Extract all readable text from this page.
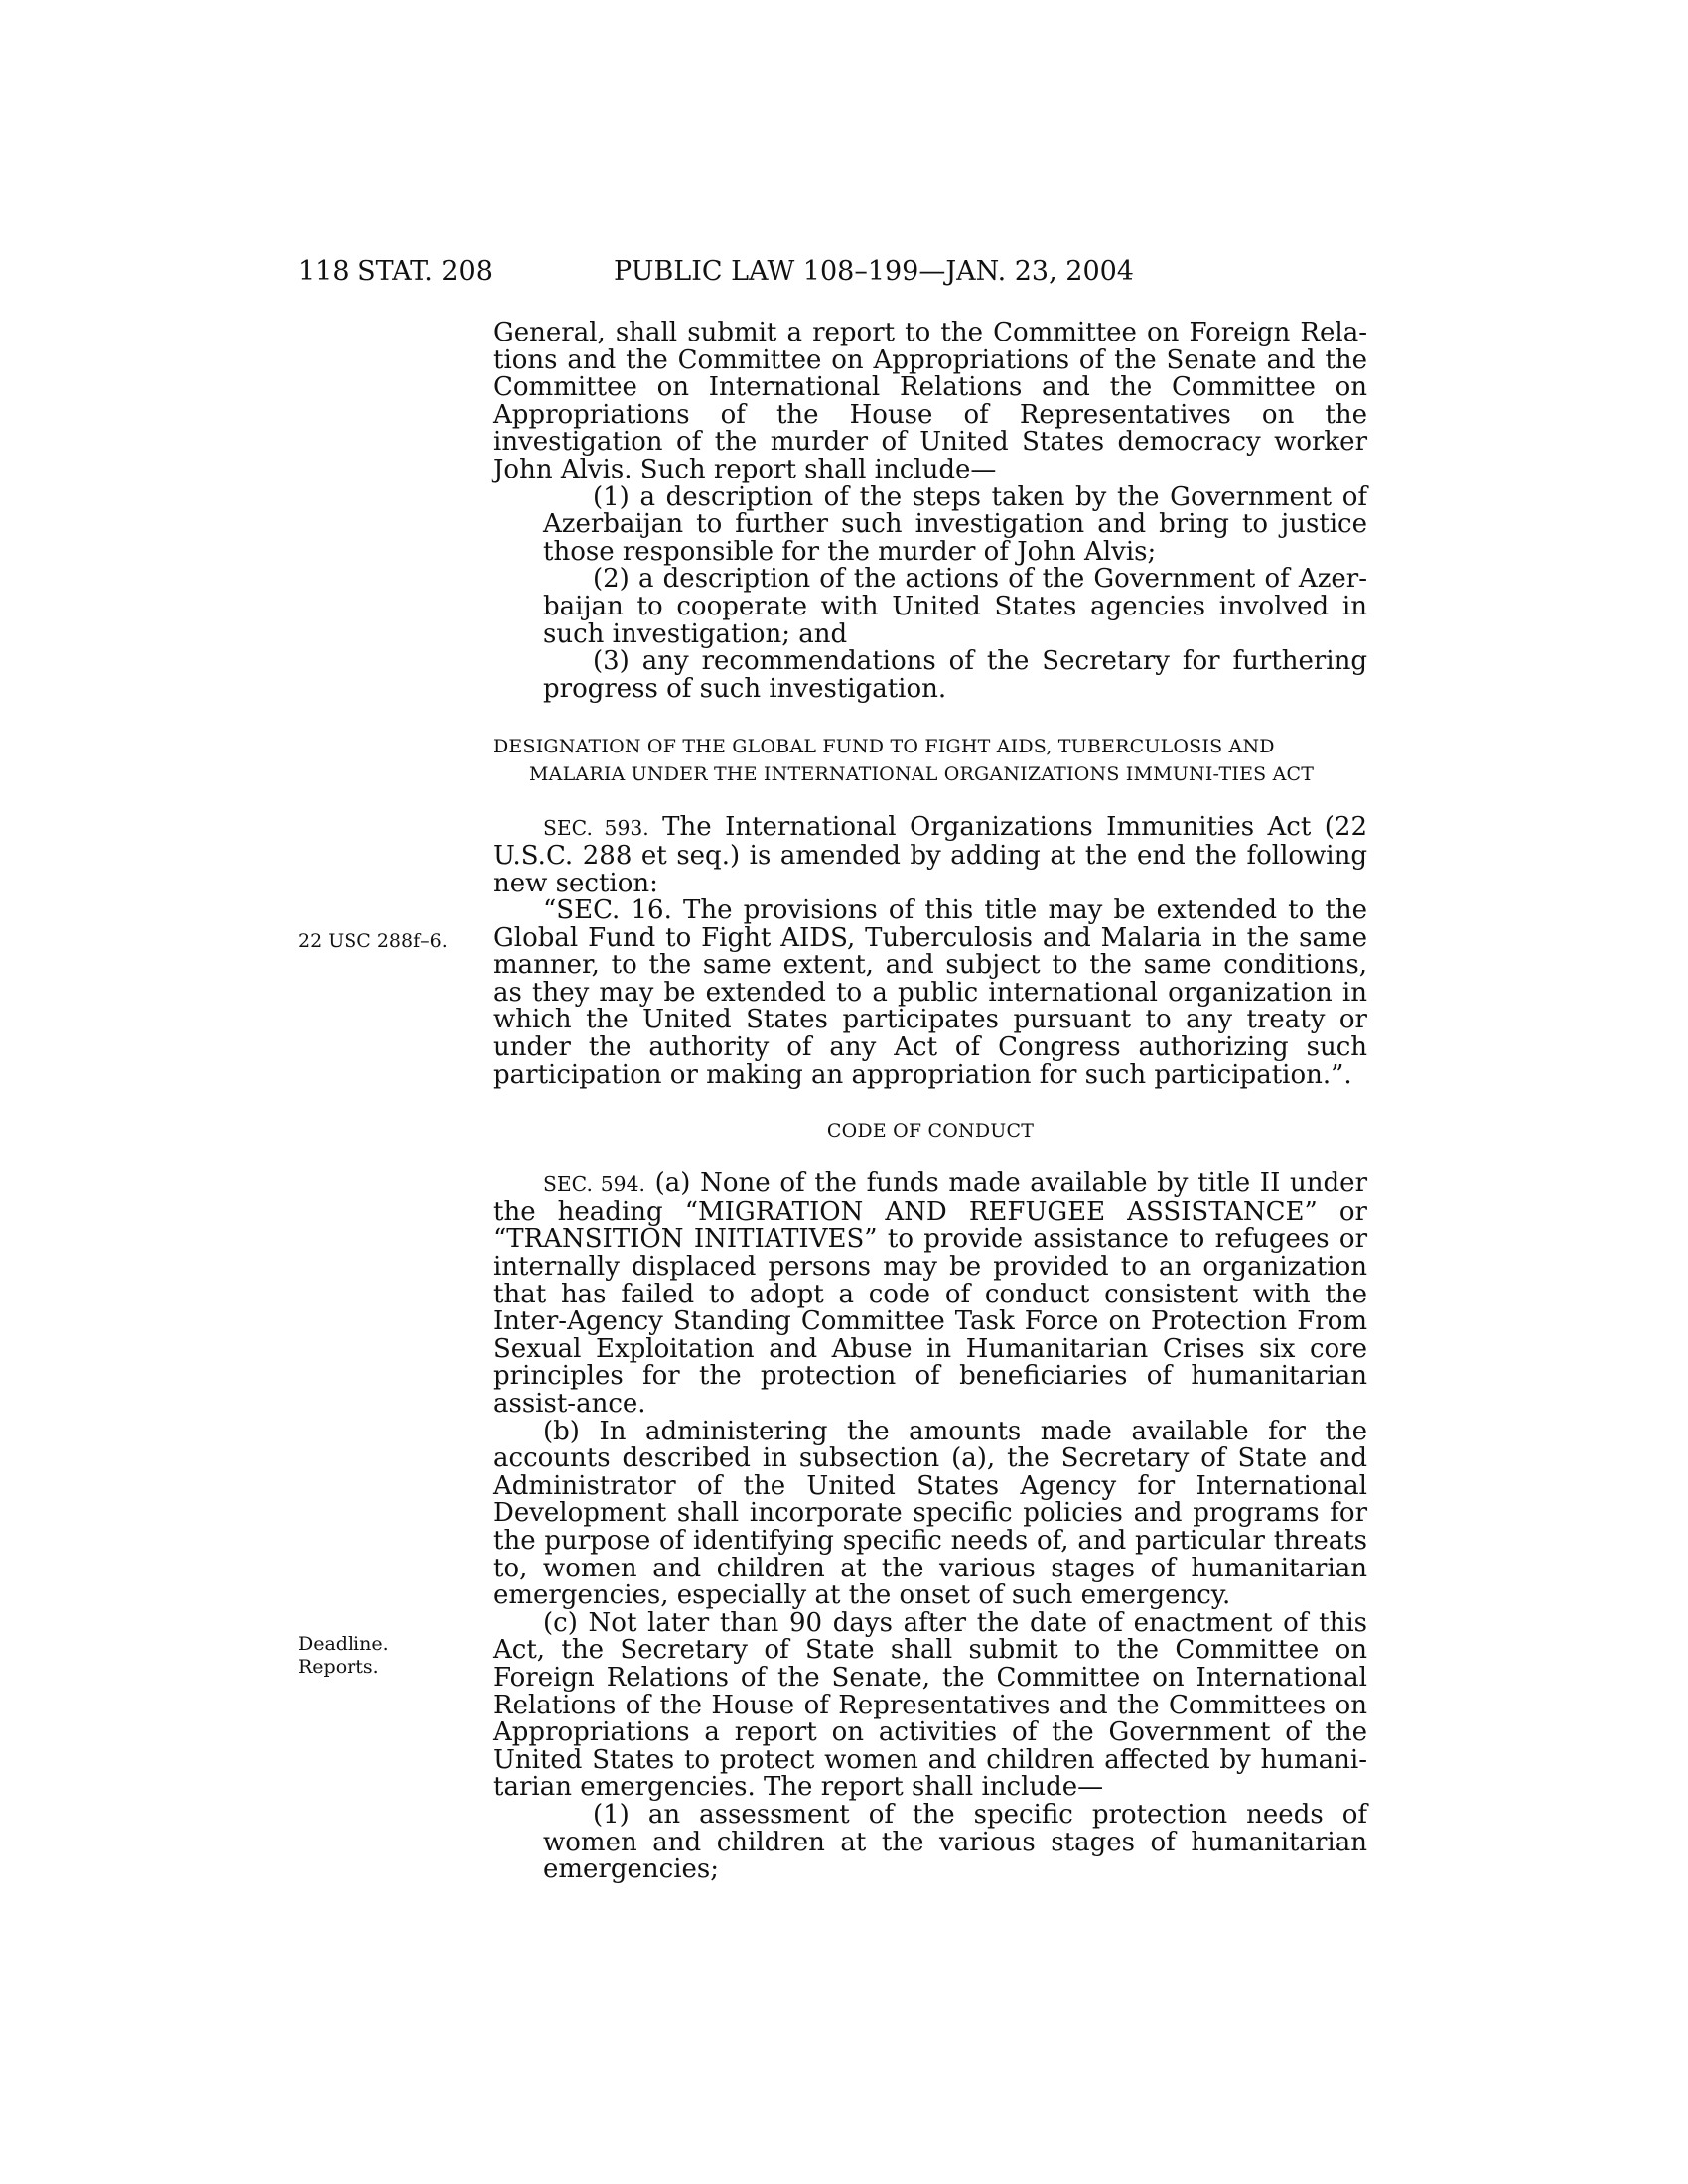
118 STAT. 208	PUBLIC LAW 108–199—JAN. 23, 2004
22 USC 288f–6.
Deadline.
Reports.

General, shall submit a report to the Committee on Foreign Rela-tions and the Committee on Appropriations of the Senate and the Committee on International Relations and the Committee on Appropriations of the House of Representatives on the investigation of the murder of United States democracy worker John Alvis. Such report shall include—

(1) a description of the steps taken by the Government of Azerbaijan to further such investigation and bring to justice those responsible for the murder of John Alvis;

(2) a description of the actions of the Government of Azer-baijan to cooperate with United States agencies involved in such investigation; and

(3) any recommendations of the Secretary for furthering progress of such investigation.

DESIGNATION OF THE GLOBAL FUND TO FIGHT AIDS, TUBERCULOSIS AND MALARIA UNDER THE INTERNATIONAL ORGANIZATIONS IMMUNI-TIES ACT

SEC. 593. The International Organizations Immunities Act (22 U.S.C. 288 et seq.) is amended by adding at the end the following new section:

“SEC. 16. The provisions of this title may be extended to the Global Fund to Fight AIDS, Tuberculosis and Malaria in the same manner, to the same extent, and subject to the same conditions, as they may be extended to a public international organization in which the United States participates pursuant to any treaty or under the authority of any Act of Congress authorizing such participation or making an appropriation for such participation.”.

CODE OF CONDUCT

SEC. 594. (a) None of the funds made available by title II under the heading “MIGRATION AND REFUGEE ASSISTANCE” or “TRANSITION INITIATIVES” to provide assistance to refugees or internally displaced persons may be provided to an organization that has failed to adopt a code of conduct consistent with the Inter-Agency Standing Committee Task Force on Protection From Sexual Exploitation and Abuse in Humanitarian Crises six core principles for the protection of beneficiaries of humanitarian assist-ance.

(b) In administering the amounts made available for the accounts described in subsection (a), the Secretary of State and Administrator of the United States Agency for International Development shall incorporate specific policies and programs for the purpose of identifying specific needs of, and particular threats to, women and children at the various stages of humanitarian emergencies, especially at the onset of such emergency.

(c) Not later than 90 days after the date of enactment of this Act, the Secretary of State shall submit to the Committee on Foreign Relations of the Senate, the Committee on International Relations of the House of Representatives and the Committees on Appropriations a report on activities of the Government of the United States to protect women and children affected by humani-tarian emergencies. The report shall include—

(1) an assessment of the specific protection needs of women and children at the various stages of humanitarian emergencies;
